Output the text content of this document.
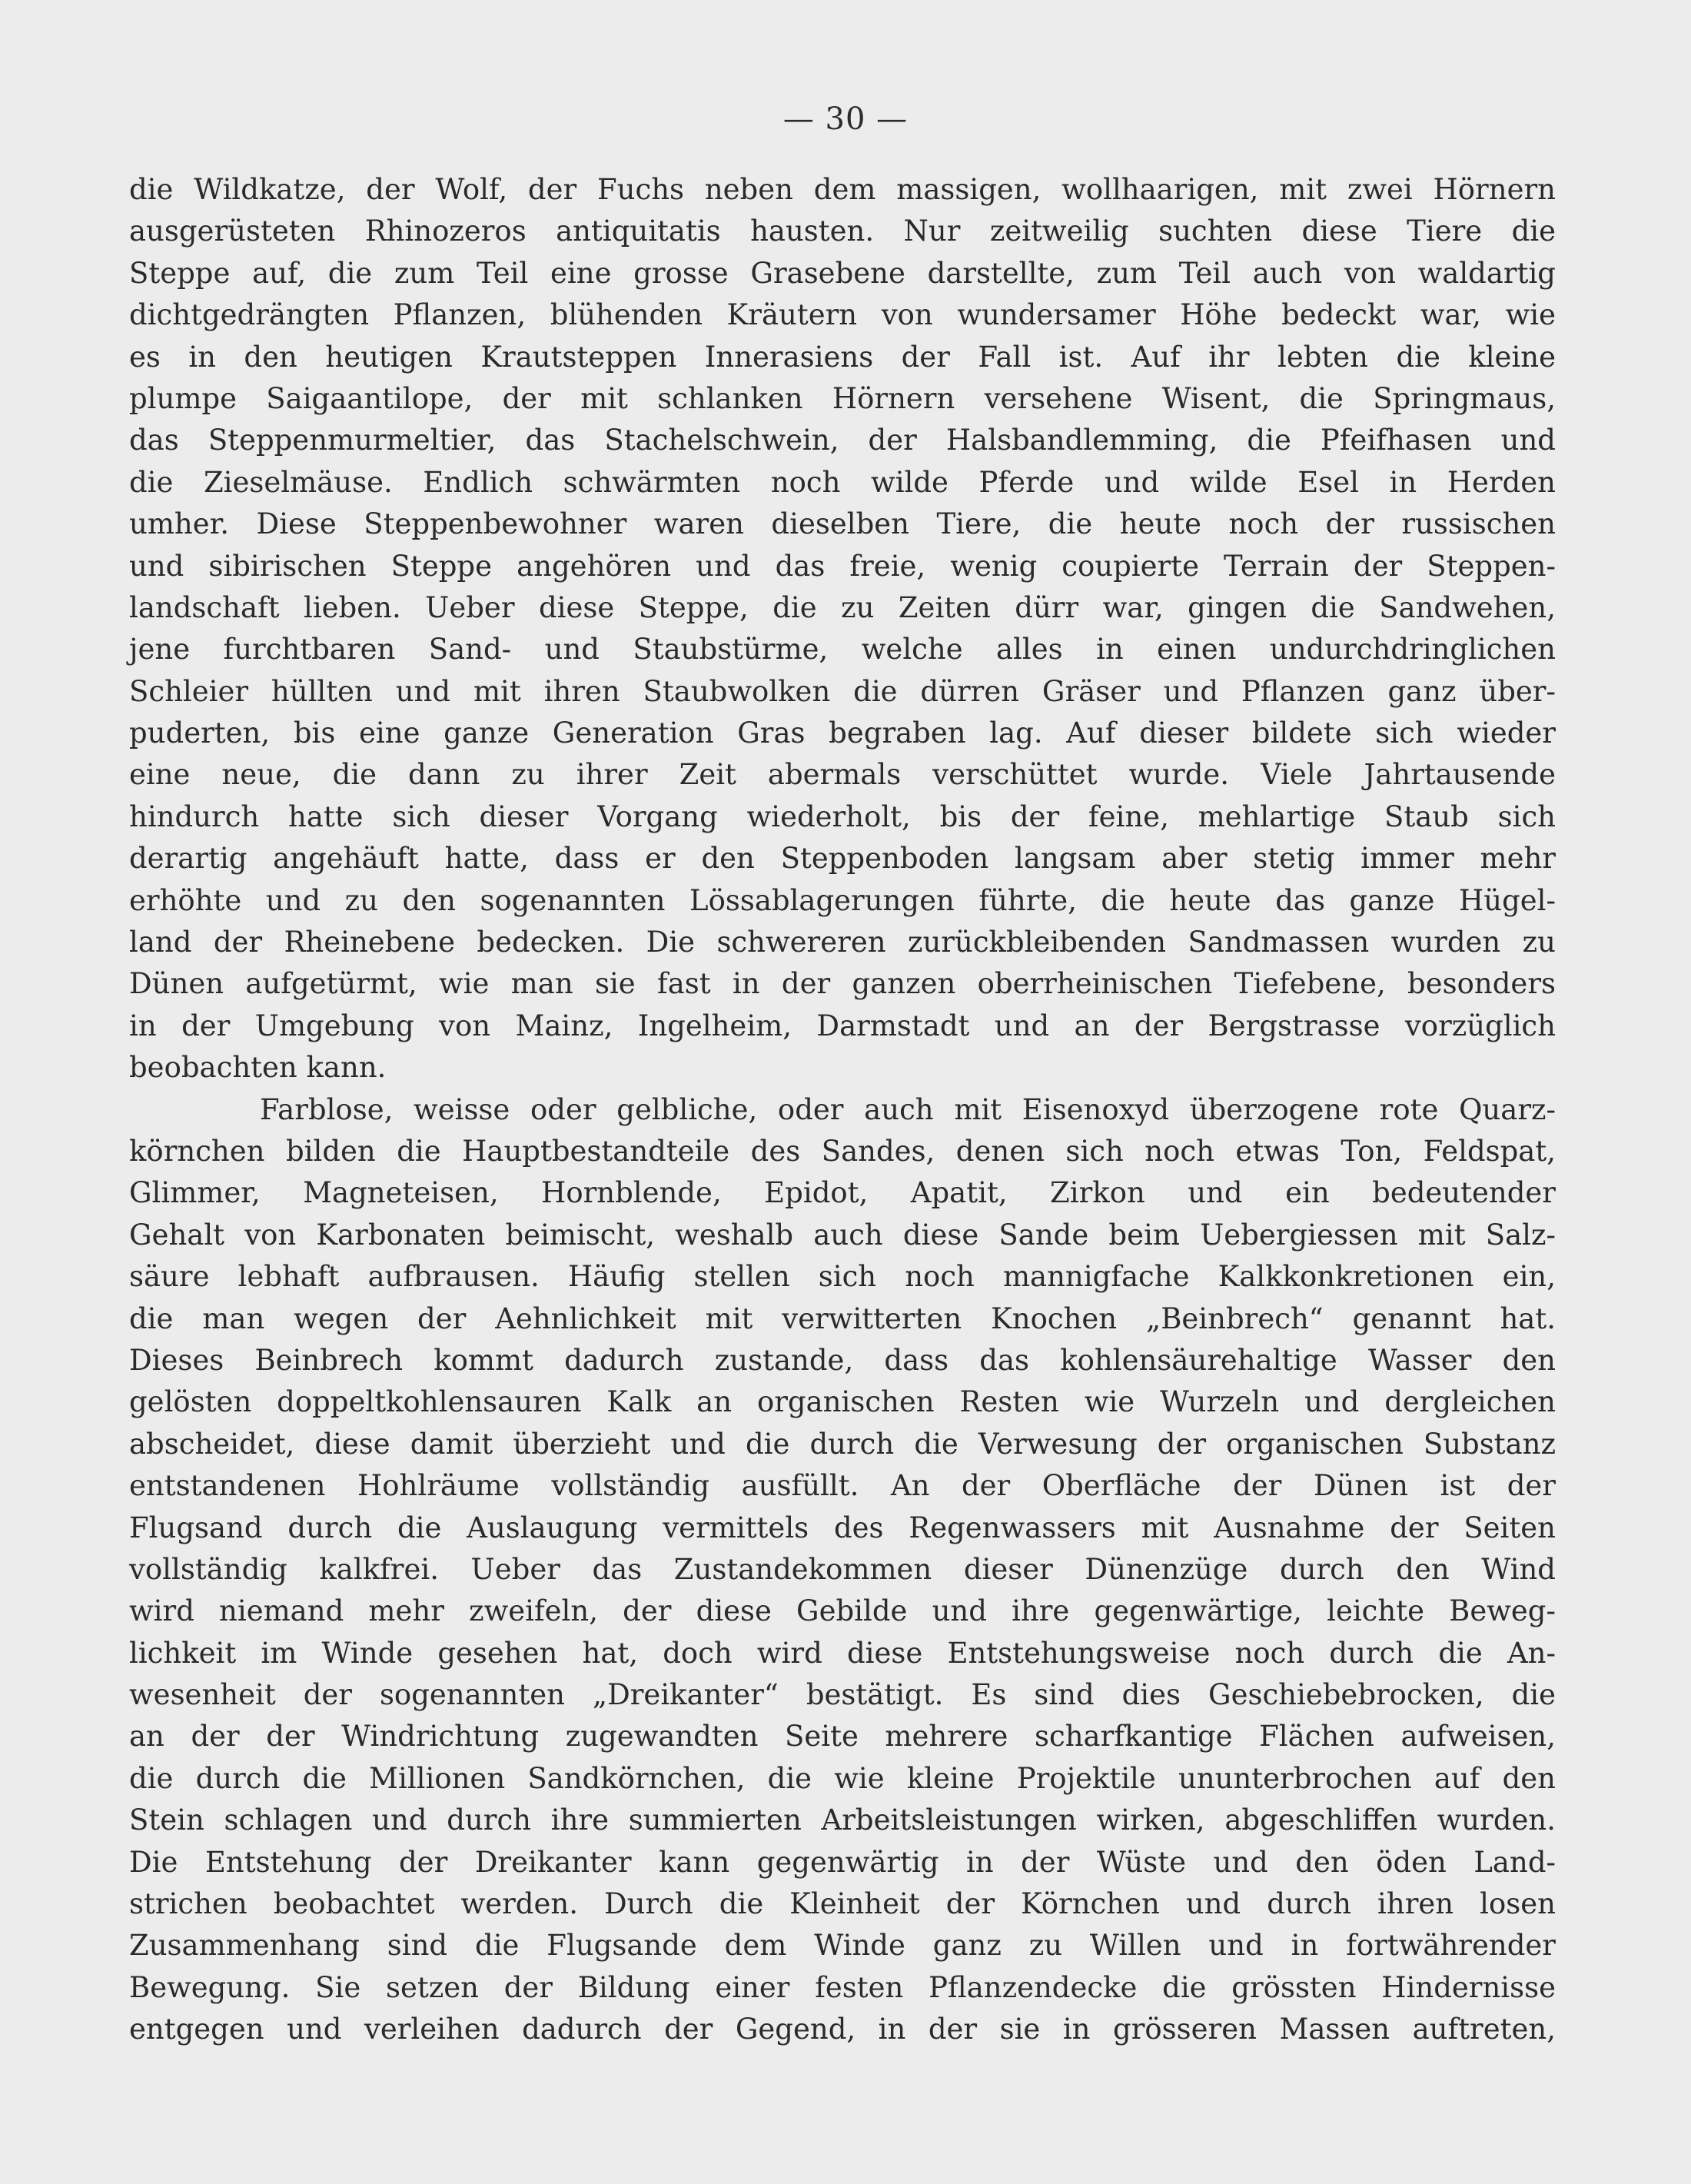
— 30 —
die Wildkatze, der Wolf, der Fuchs neben dem massigen, wollhaarigen, mit zwei Hörnern
ausgerüsteten Rhinozeros antiquitatis hausten. Nur zeitweilig suchten diese Tiere die
Steppe auf, die zum Teil eine grosse Grasebene darstellte, zum Teil auch von waldartig
dichtgedrängten Pflanzen, blühenden Kräutern von wundersamer Höhe bedeckt war, wie
es in den heutigen Krautsteppen Innerasiens der Fall ist. Auf ihr lebten die kleine
plumpe Saigaantilope, der mit schlanken Hörnern versehene Wisent, die Springmaus,
das Steppenmurmeltier, das Stachelschwein, der Halsbandlemming, die Pfeifhasen und
die Zieselmäuse. Endlich schwärmten noch wilde Pferde und wilde Esel in Herden
umher. Diese Steppenbewohner waren dieselben Tiere, die heute noch der russischen
und sibirischen Steppe angehören und das freie, wenig coupierte Terrain der Steppen-
landschaft lieben. Ueber diese Steppe, die zu Zeiten dürr war, gingen die Sandwehen,
jene furchtbaren Sand- und Staubstürme, welche alles in einen undurchdringlichen
Schleier hüllten und mit ihren Staubwolken die dürren Gräser und Pflanzen ganz über-
puderten, bis eine ganze Generation Gras begraben lag. Auf dieser bildete sich wieder
eine neue, die dann zu ihrer Zeit abermals verschüttet wurde. Viele Jahrtausende
hindurch hatte sich dieser Vorgang wiederholt, bis der feine, mehlartige Staub sich
derartig angehäuft hatte, dass er den Steppenboden langsam aber stetig immer mehr
erhöhte und zu den sogenannten Lössablagerungen führte, die heute das ganze Hügel-
land der Rheinebene bedecken. Die schwereren zurückbleibenden Sandmassen wurden zu
Dünen aufgetürmt, wie man sie fast in der ganzen oberrheinischen Tiefebene, besonders
in der Umgebung von Mainz, Ingelheim, Darmstadt und an der Bergstrasse vorzüglich
beobachten kann.
Farblose, weisse oder gelbliche, oder auch mit Eisenoxyd überzogene rote Quarz-
körnchen bilden die Hauptbestandteile des Sandes, denen sich noch etwas Ton, Feldspat,
Glimmer, Magneteisen, Hornblende, Epidot, Apatit, Zirkon und ein bedeutender
Gehalt von Karbonaten beimischt, weshalb auch diese Sande beim Uebergiessen mit Salz-
säure lebhaft aufbrausen. Häufig stellen sich noch mannigfache Kalkkonkretionen ein,
die man wegen der Aehnlichkeit mit verwitterten Knochen „Beinbrech“ genannt hat.
Dieses Beinbrech kommt dadurch zustande, dass das kohlensäurehaltige Wasser den
gelösten doppeltkohlensauren Kalk an organischen Resten wie Wurzeln und dergleichen
abscheidet, diese damit überzieht und die durch die Verwesung der organischen Substanz
entstandenen Hohlräume vollständig ausfüllt. An der Oberfläche der Dünen ist der
Flugsand durch die Auslaugung vermittels des Regenwassers mit Ausnahme der Seiten
vollständig kalkfrei. Ueber das Zustandekommen dieser Dünenzüge durch den Wind
wird niemand mehr zweifeln, der diese Gebilde und ihre gegenwärtige, leichte Beweg-
lichkeit im Winde gesehen hat, doch wird diese Entstehungsweise noch durch die An-
wesenheit der sogenannten „Dreikanter“ bestätigt. Es sind dies Geschiebebrocken, die
an der der Windrichtung zugewandten Seite mehrere scharfkantige Flächen aufweisen,
die durch die Millionen Sandkörnchen, die wie kleine Projektile ununterbrochen auf den
Stein schlagen und durch ihre summierten Arbeitsleistungen wirken, abgeschliffen wurden.
Die Entstehung der Dreikanter kann gegenwärtig in der Wüste und den öden Land-
strichen beobachtet werden. Durch die Kleinheit der Körnchen und durch ihren losen
Zusammenhang sind die Flugsande dem Winde ganz zu Willen und in fortwährender
Bewegung. Sie setzen der Bildung einer festen Pflanzendecke die grössten Hindernisse
entgegen und verleihen dadurch der Gegend, in der sie in grösseren Massen auftreten,
